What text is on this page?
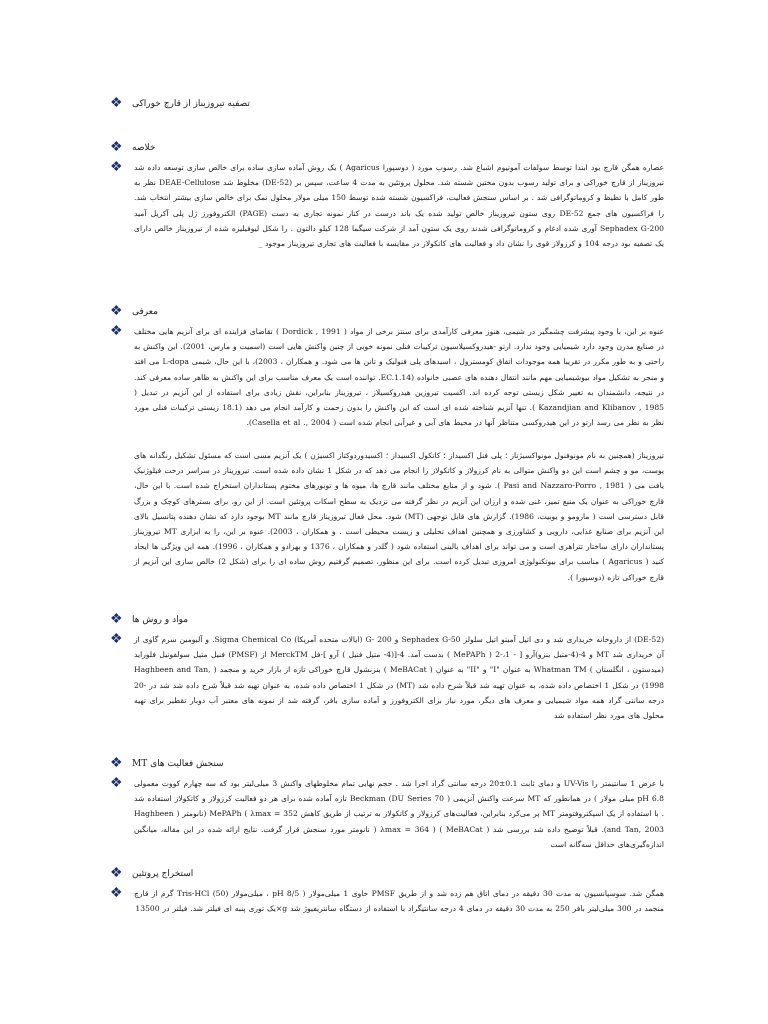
❖ تصفیه تیروزیناز از قارچ خوراکی
❖ خلاصه
❖ عصاره همگن قارچ بود ابتدا توسط سولفات آمونیوم اشباع شد. رسوب مورد ( دوسپورا Agaricus ) یک روش آماده سازی ساده برای خالص سازی توسعه داده شد تیروزیناز از قارچ خوراکی و برای تولید رسوب بدون مختین شسته شد. محلول پروتئین به مدت 4 ساعت، سپس بر (DE-52) مخلوط شد DEAE-Cellulose نظر به طور کامل با تظیظ و کروماتوگرافی شد . بر اساس سنجش فعالیت، فراکسیون شسته شده توسط 150 میلی مولار محلول نمک برای خالص سازی بیشتر انتخاب شد. را فراکسیون های جمع DE-52 روی ستون تیروزیناز خالص تولید شده یک باند درست در کنار نمونه تجاری به دست (PAGE) الکتروفورز ژل پلی آکریل آمید Sephadex G-200 آوری شده ادغام و کروماتوگرافی شدند روی یک ستون آمد از شرکت سیگما 128 کیلو دالتون . را شکل لیوفیلیزه شده از تیروزیناز خالص دارای یک تصفیه بود درجه 104 و کرزولاز قوی را نشان داد و فعالیت های کاتکولاز در مقایسه با فعالیت های تجاری تیروزیناز موجود _

❖ معرفی
❖ عنوه بر این، با وجود پیشرفت چشمگیر در شیمی، هنوز معرفی کارآمدی برای سنتز برخی از مواد ( Dordick , 1991 ) تقاضای فزاینده ای برای آنزیم هایی مختلف در صنایع مدرن وجود دارد شیمیایی وجود ندارد. ارتو -هیدروکسیلاسیون ترکیبات فنلی نمونه خوبی از چنین واکنش هایی است (اسمیت و مارس، 2001). این واکنش به راحتی و به طور مکرر در تقریبا همه موجودات اتفاق کومسترول ، اسیدهای پلی فنولیک و تانن ها می شود. و همکاران ، 2003)، با این حال، شیمی L-dopa می افتد و منجر به تشکیل مواد بیوشیمیایی مهم مانند انتقال دهنده های عصبی خانواده (EC.1.14. تواننده است یک معرف مناسب برای این واکنش به ظاهر ساده معرفی کند. در نتیجه، دانشمندان به تغییر شکل زیستی توجه کرده اند. اکسیت تیروزین هیدروکسیلاز ، تیروزیناز بنابراین، نقش زیادی برای استفاده از این آنزیم در تبدیل ( Kazandjian and Klibanov , 1985 ). تنها آنزیم شناخته شده ای است که این واکنش را بدون زحمت و کارآمد انجام می دهد (18.1 زیستی ترکیبات فنلی مورد نظر به نظر می رسد ارتو در این هیدروکسی متناظر آنها در محیط های آبی و غیرآبی انجام شده است ( Casella et al ., 2004).

تیروزیناز (همچنین به نام مونوفنول مونواکسیژناز ؛ پلی فنل اکسیداز ؛ کاتکول اکسیداز ؛ اکسیدوردوکتاز اکسیژن ) یک آنزیم مسی است که مسئول تشکیل رنگدانه های پوست، مو و چشم است این دو واکنش متوالی به نام کرزولاز و کاتکولاز را انجام می دهد که در شکل 1 نشان داده شده است. تیروزیناز در سراسر درخت فیلوژنیک یافت می ( Pasi and Nazzaro-Porro , 1981 ). شود و از منابع مختلف مانند قارچ ها، میوه ها و توبورهای مختوم پستانداران استخراج شده است. با این حال، قارچ خوراکی به عنوان یک منبع تمیز، غنی شده و ارزان این آنزیم در نظر گرفته می نزدیک به سطح اسکات پروتئین است. از این رو، برای بسترهای کوچک و بزرگ قابل دسترسی است ( مارومو و یوبیت، 1986). گزارش های قابل توجهی (MT) شود. محل فعال تیروزیناز قارچ مانند MT بوجود دارد که نشان دهنده پتانسیل بالای این آنزیم برای صنایع غذایی، دارویی و کشاورزی و همچنین اهداف تحلیلی و زیست محیطی است . و همکاران ، 2003). عنوه بر این، را به ابزاری MT تیروزیناز پستانداران دارای ساختار تتراهری است و می تواند برای اهداف بالینی استفاده شود ( گلدر و همکاران ، 1376 و بهزادو و همکاران ، 1996). همه این ویژگی ها ایجاد کنید ( Agaricus ) مناسب برای بیوتکنولوژی امروزی تبدیل کرده است. برای این منظور، تصمیم گرفتیم روش ساده ای را برای (شکل 2) خالص سازی این آنزیم از قارچ خوراکی تازه (دوسپورا ).

❖ مواد و روش ها
❖ (DE-52) از داروخانه خریداری شد و دی اتیل آمینو اتیل سلولز Sephadex G-50 و G- 200 (ایالات متحده آمریکا) Sigma Chemical Co. و آلبومین سرم گاوی از آن خریداری شد MT و 4-(4-متیل بنزو)آرو [ - 1،-2 ( MePAPh ) بدست آمد. 4-[(4- متیل فنیل ) آرو ]-فل MerckTM از (PMSF) فنیل متیل سولفونیل فلوراید (میدستون ، انگلستان ) Whatman TM به عنوان "I" و "II" به عنوان ( MeBACat ) بنزنشول قارچ خوراکی تازه از بازار خرید و منجمد ( Haghbeen and Tan, 1998) در شکل 1 اختصاص داده شده، به عنوان تهیه شد قبلاً شرح داده شد (MT) در شکل 1 اختصاص داده شده، به عنوان تهیه شد قبلاً شرح داده شد شد در -20 درجه سانتی گراد همه مواد شیمیایی و معرف های دیگر، مورد نیاز برای الکتروفورز و آماده سازی بافر، گرفته شد از نمونه های معتبر آب دوبار تقطیر برای تهیه محلول های مورد نظر استفاده شد

❖ MT سنجش فعالیت های
❖ با عرض 1 سانتیمتر را UV-Vis و دمای ثابت 0.1±20 درجه سانتی گراد اجرا شد . حجم نهایی تمام مخلوطهای واکنش 3 میلی‌لیتر بود که سه چهارم کووت معمولی pH 6.8 میلی مولار ) در همانطور که MT سرعت واکنش آنزیمی ( Beckman (DU Series 70 تازه آماده شده برای هر دو فعالیت کرزولاز و کاتکولاز استفاده شد . با استفاده از یک اسپکتروفتومتر MT پر می‌کرد بنابراین، فعالیت‌های کرزولاز و کاتکولاز به ترتیب از طریق کاهش MePAPh ( λmax = 352 (نانومتر ( Haghbeen and Tan, 2003). قبلاً توضیح داده شد بررسی شد ( MeBACat ) ( λmax = 364 ( نانومتر مورد سنجش قرار گرفت. نتایج ارائه شده در این مقاله، میانگین اندازه‌گیری‌های حداقل سه‌گانه است

❖ استخراج پروتئین
❖ همگن شد. سوسپانسیون به مدت 30 دقیقه در دمای اتاق هم زده شد و از طریق PMSF حاوی 1 میلی‌مولار ( pH 8/5 ، میلی‌مولار (Tris-HCl (50 گرم از قارچ منجمد در 300 میلی‌لیتر بافر 250 به مدت 30 دقیقه در دمای 4 درجه سانتیگراد با استفاده از دستگاه سانتریفیوژ شد g×یک توری پنبه ای فیلتر شد. فیلتر در 13500
